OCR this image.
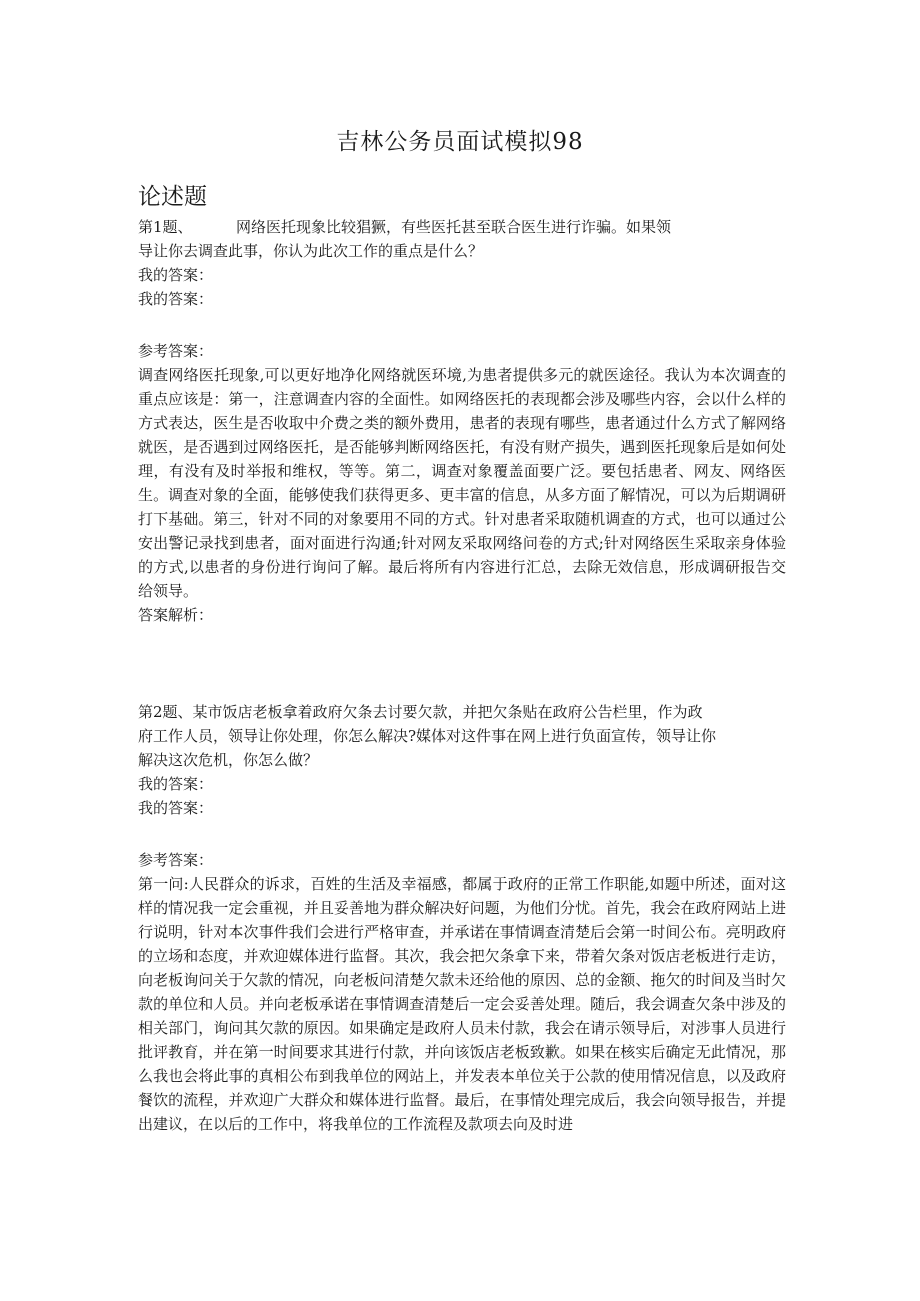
吉林公务员面试模拟98
论述题
第1题、	网络医托现象比较猖獗，有些医托甚至联合医生进行诈骗。如果领
导让你去调查此事，你认为此次工作的重点是什么？
我的答案：
我的答案：
参考答案：
调查网络医托现象,可以更好地净化网络就医环境,为患者提供多元的就医途径。我认为本次调查的重点应该是：第一，注意调查内容的全面性。如网络医托的表现都会涉及哪些内容，会以什么样的方式表达，医生是否收取中介费之类的额外费用，患者的表现有哪些，患者通过什么方式了解网络就医，是否遇到过网络医托，是否能够判断网络医托，有没有财产损失，遇到医托现象后是如何处理，有没有及时举报和维权，等等。第二，调查对象覆盖面要广泛。要包括患者、网友、网络医生。调查对象的全面，能够使我们获得更多、更丰富的信息，从多方面了解情况，可以为后期调研打下基础。第三，针对不同的对象要用不同的方式。针对患者采取随机调查的方式，也可以通过公安出警记录找到患者，面对面进行沟通;针对网友采取网络问卷的方式;针对网络医生采取亲身体验的方式,以患者的身份进行询问了解。最后将所有内容进行汇总，去除无效信息，形成调研报告交给领导。
答案解析：
第2题、某市饭店老板拿着政府欠条去讨要欠款，并把欠条贴在政府公告栏里，作为政
府工作人员，领导让你处理，你怎么解决?媒体对这件事在网上进行负面宣传，领导让你
解决这次危机，你怎么做？
我的答案：
我的答案：
参考答案：
第一问:人民群众的诉求，百姓的生活及幸福感，都属于政府的正常工作职能,如题中所述，面对这样的情况我一定会重视，并且妥善地为群众解决好问题，为他们分忧。首先，我会在政府网站上进行说明，针对本次事件我们会进行严格审查，并承诺在事情调查清楚后会第一时间公布。亮明政府的立场和态度，并欢迎媒体进行监督。其次，我会把欠条拿下来，带着欠条对饭店老板进行走访，向老板询问关于欠款的情况，向老板问清楚欠款未还给他的原因、总的金额、拖欠的时间及当时欠款的单位和人员。并向老板承诺在事情调查清楚后一定会妥善处理。随后，我会调查欠条中涉及的相关部门，询问其欠款的原因。如果确定是政府人员未付款，我会在请示领导后，对涉事人员进行批评教育，并在第一时间要求其进行付款，并向该饭店老板致歉。如果在核实后确定无此情况，那么我也会将此事的真相公布到我单位的网站上，并发表本单位关于公款的使用情况信息，以及政府餐饮的流程，并欢迎广大群众和媒体进行监督。最后，在事情处理完成后，我会向领导报告，并提出建议，在以后的工作中，将我单位的工作流程及款项去向及时进
